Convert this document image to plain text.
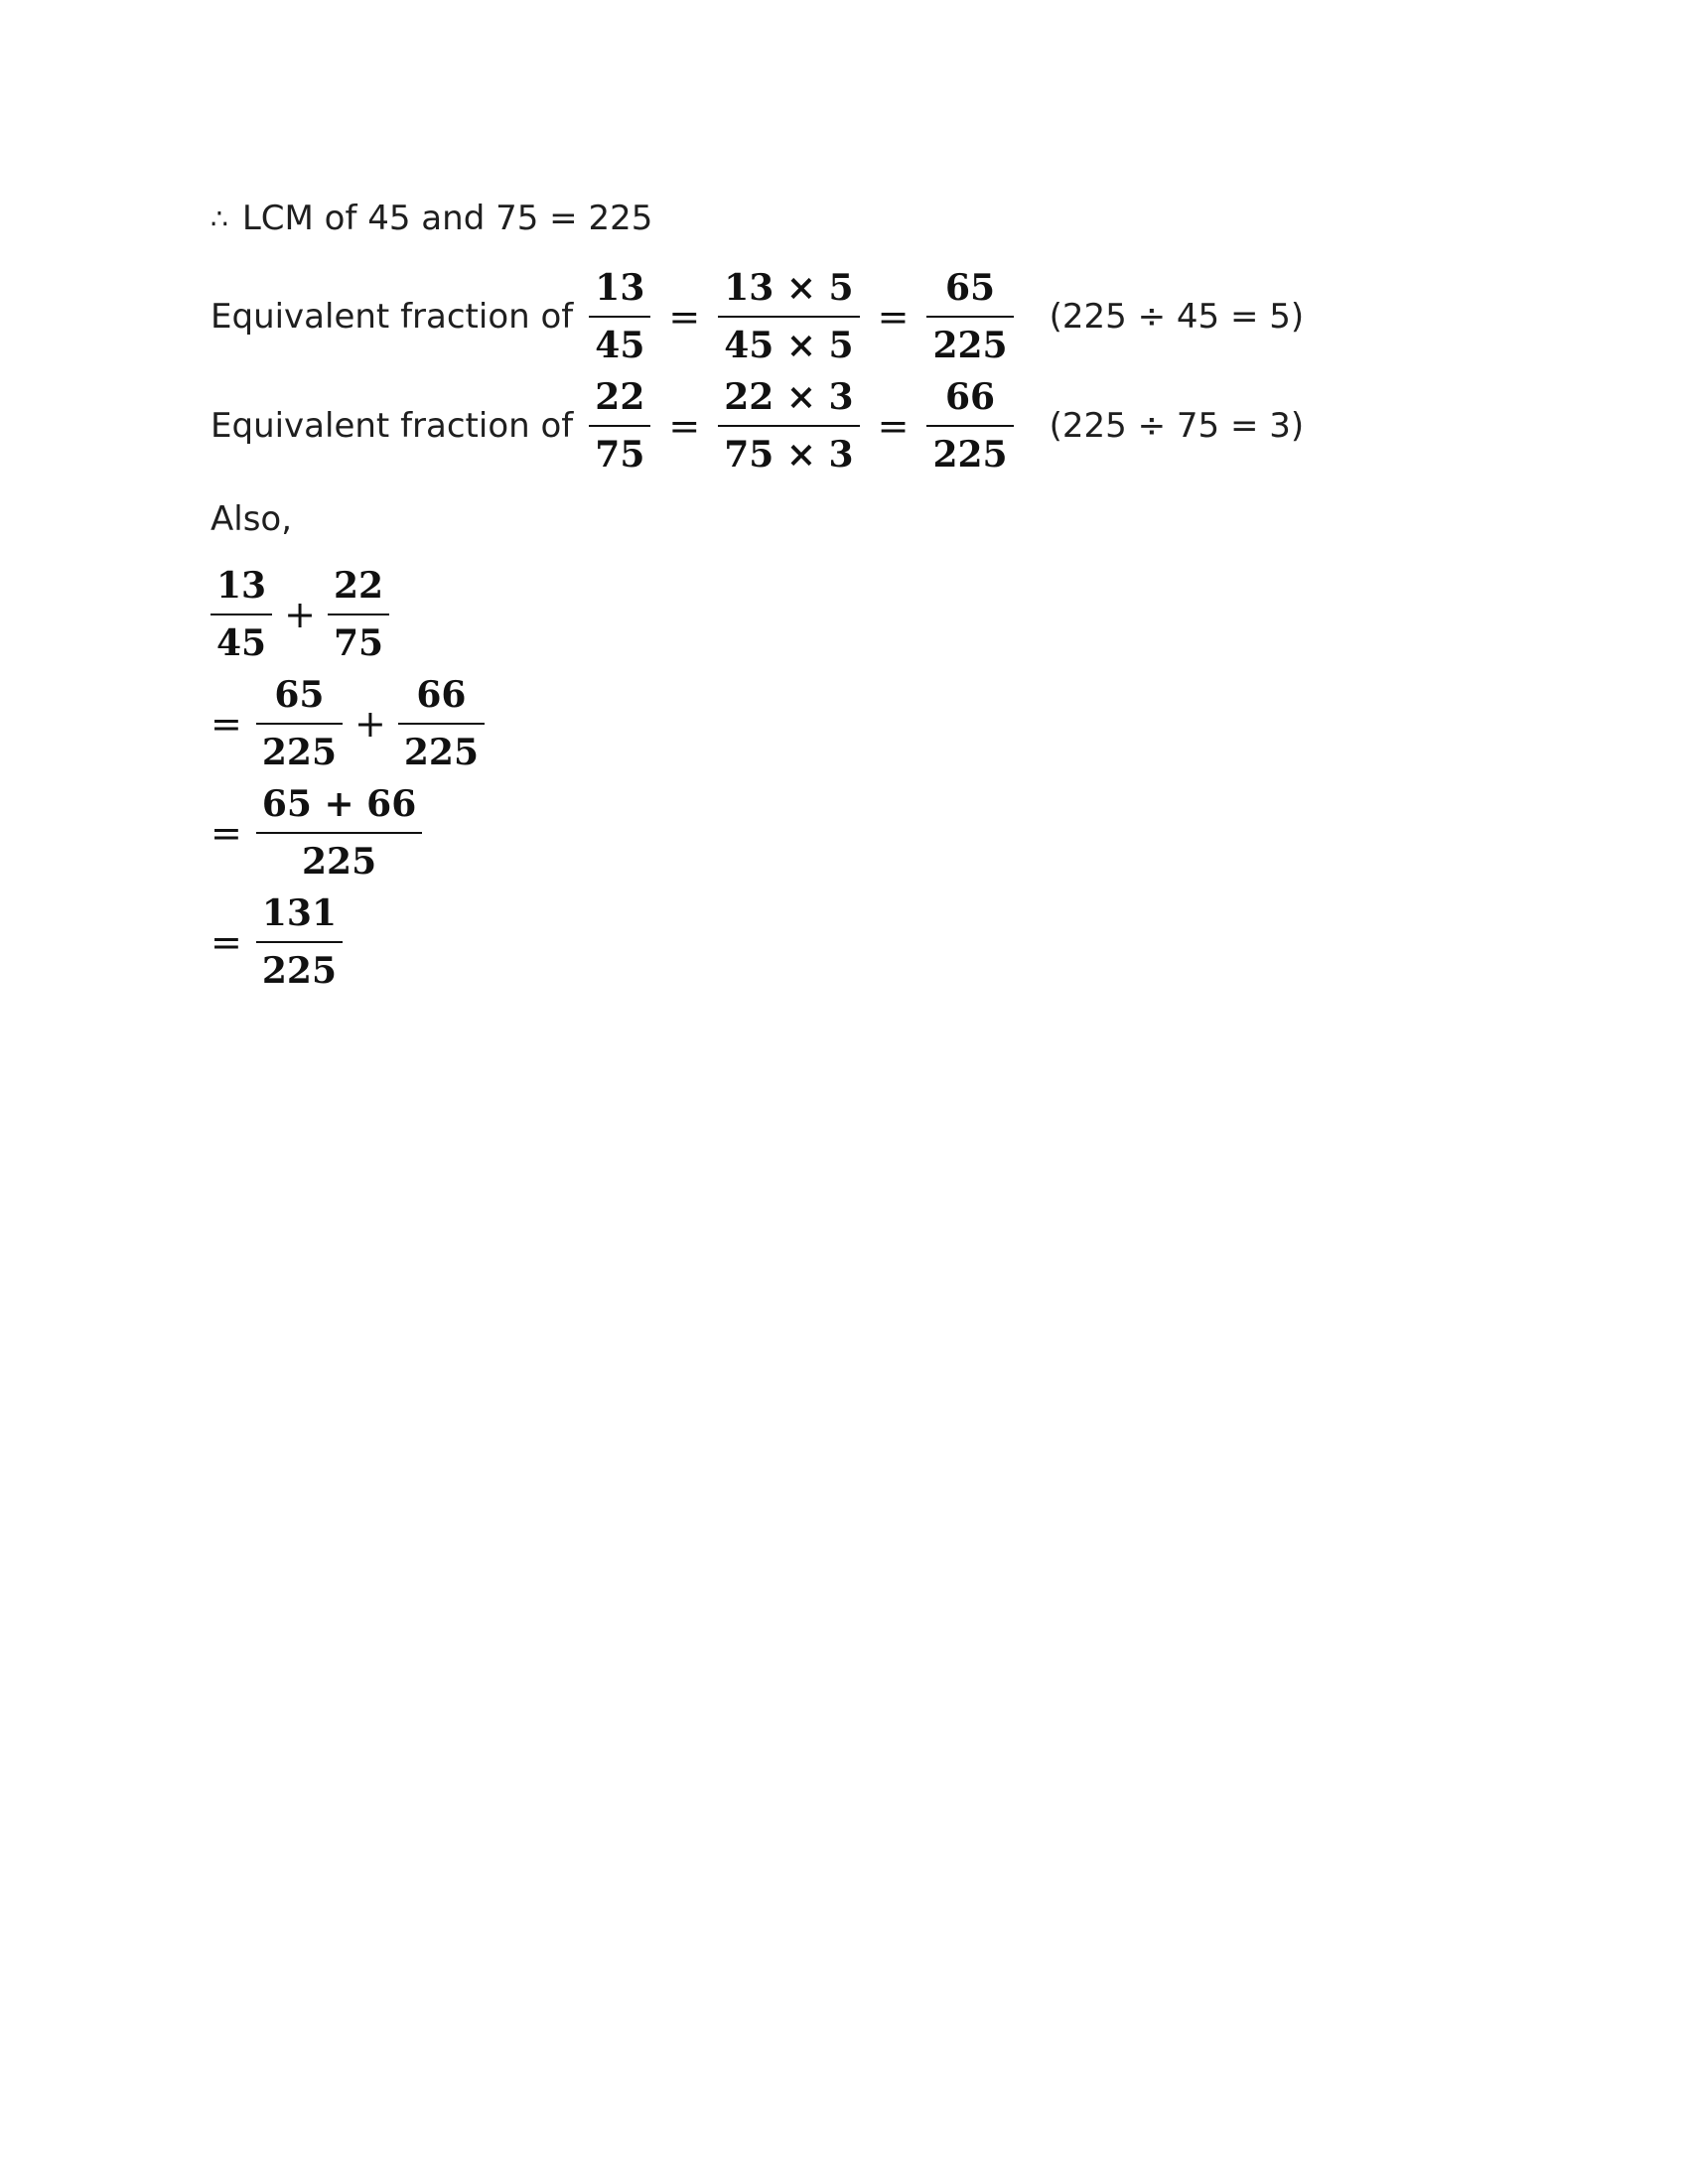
∴ LCM of 45 and 75 = 225
Equivalent fraction of $\frac{13}{45} = \frac{13 \times 5}{45 \times 5} = \frac{65}{225} (225 \div 45 = 5)$
Equivalent fraction of $\frac{22}{75} = \frac{22 \times 3}{75 \times 3} = \frac{66}{225} (225 \div 75 = 3)$
Also,
$\frac{13}{45} + \frac{22}{75}$
= $\frac{65}{225} + \frac{66}{225}$
= $\frac{65 + 66}{225}$
= $\frac{131}{225}$
